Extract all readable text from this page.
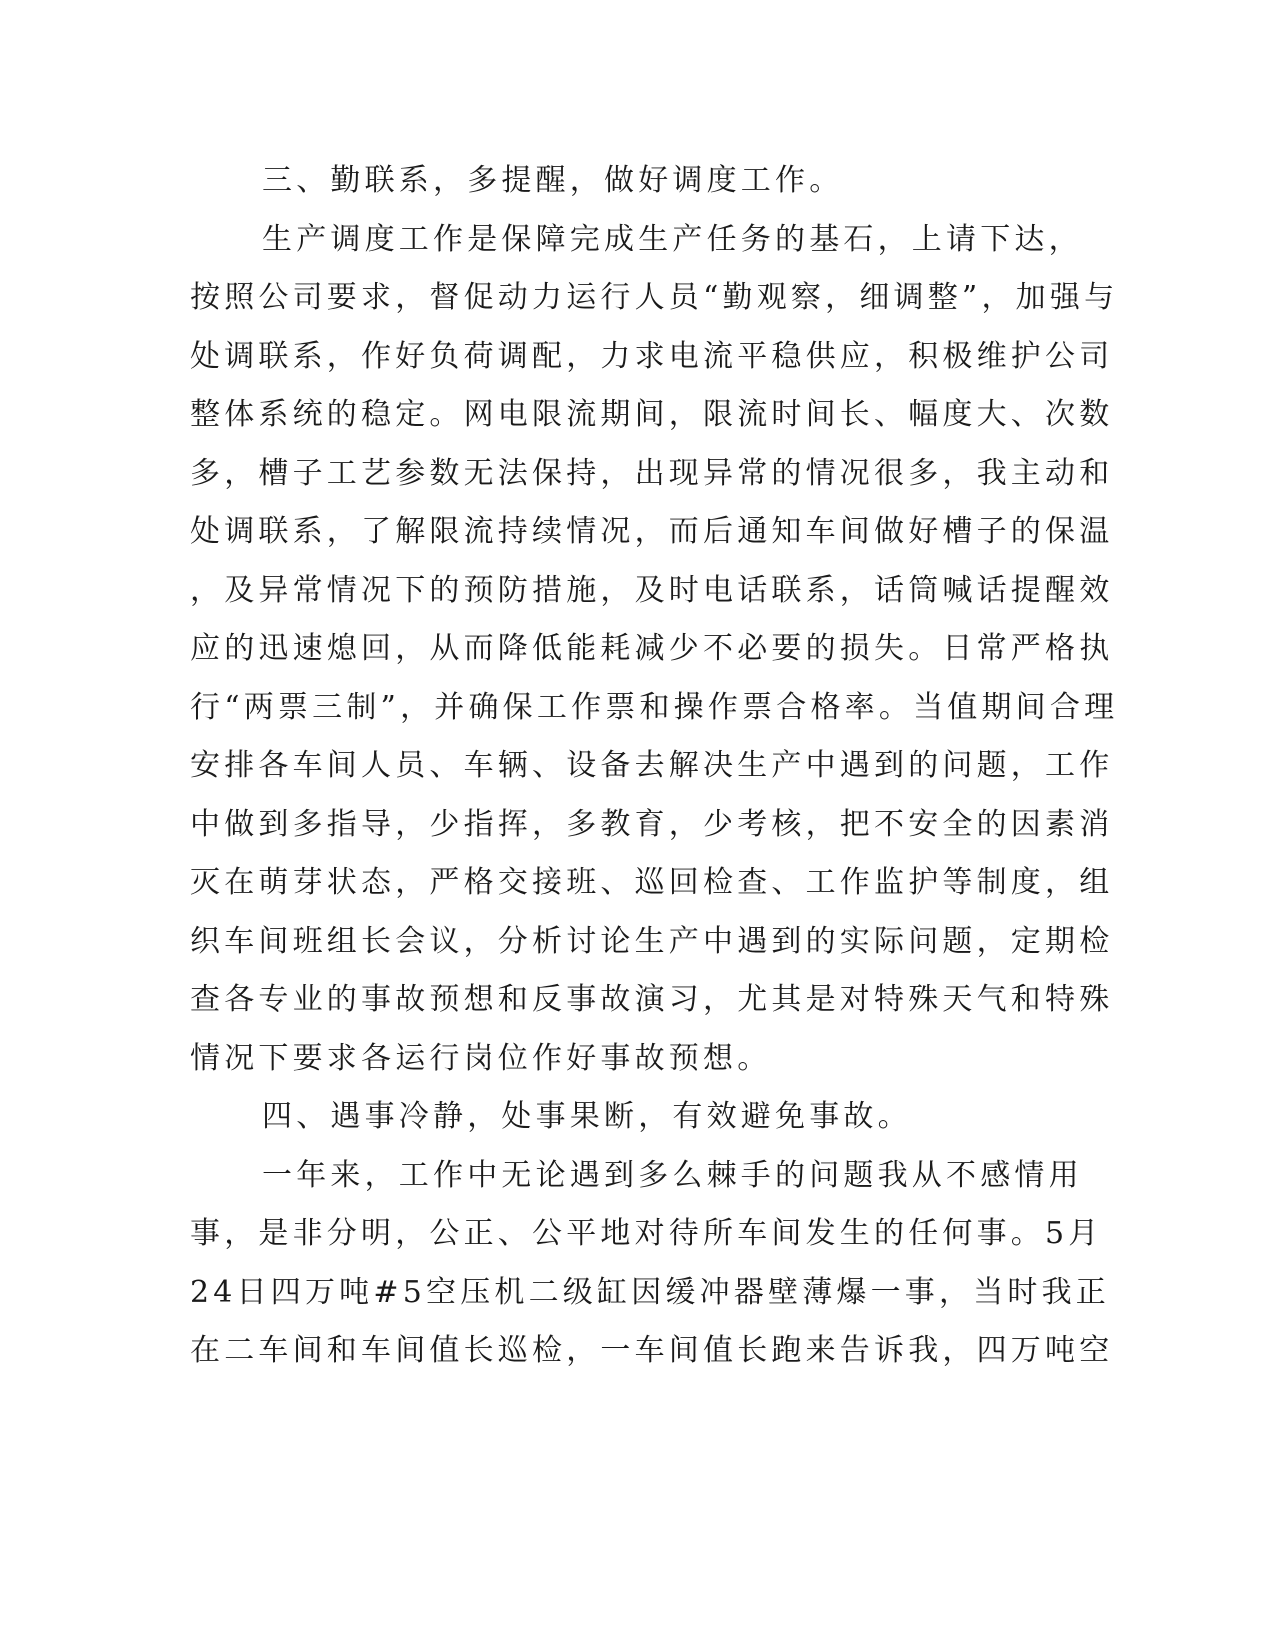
三、勤联系，多提醒，做好调度工作。
生产调度工作是保障完成生产任务的基石，上请下达，
按照公司要求，督促动力运行人员“勤观察，细调整”，加强与
处调联系，作好负荷调配，力求电流平稳供应，积极维护公司
整体系统的稳定。网电限流期间，限流时间长、幅度大、次数
多，槽子工艺参数无法保持，出现异常的情况很多，我主动和
处调联系，了解限流持续情况，而后通知车间做好槽子的保温
，及异常情况下的预防措施，及时电话联系，话筒喊话提醒效
应的迅速熄回，从而降低能耗减少不必要的损失。日常严格执
行“两票三制”，并确保工作票和操作票合格率。当值期间合理
安排各车间人员、车辆、设备去解决生产中遇到的问题，工作
中做到多指导，少指挥，多教育，少考核，把不安全的因素消
灭在萌芽状态，严格交接班、巡回检查、工作监护等制度，组
织车间班组长会议，分析讨论生产中遇到的实际问题，定期检
查各专业的事故预想和反事故演习，尤其是对特殊天气和特殊
情况下要求各运行岗位作好事故预想。
四、遇事冷静，处事果断，有效避免事故。
一年来，工作中无论遇到多么棘手的问题我从不感情用
事，是非分明，公正、公平地对待所车间发生的任何事。5月
24日四万吨#5空压机二级缸因缓冲器壁薄爆一事，当时我正
在二车间和车间值长巡检，一车间值长跑来告诉我，四万吨空
